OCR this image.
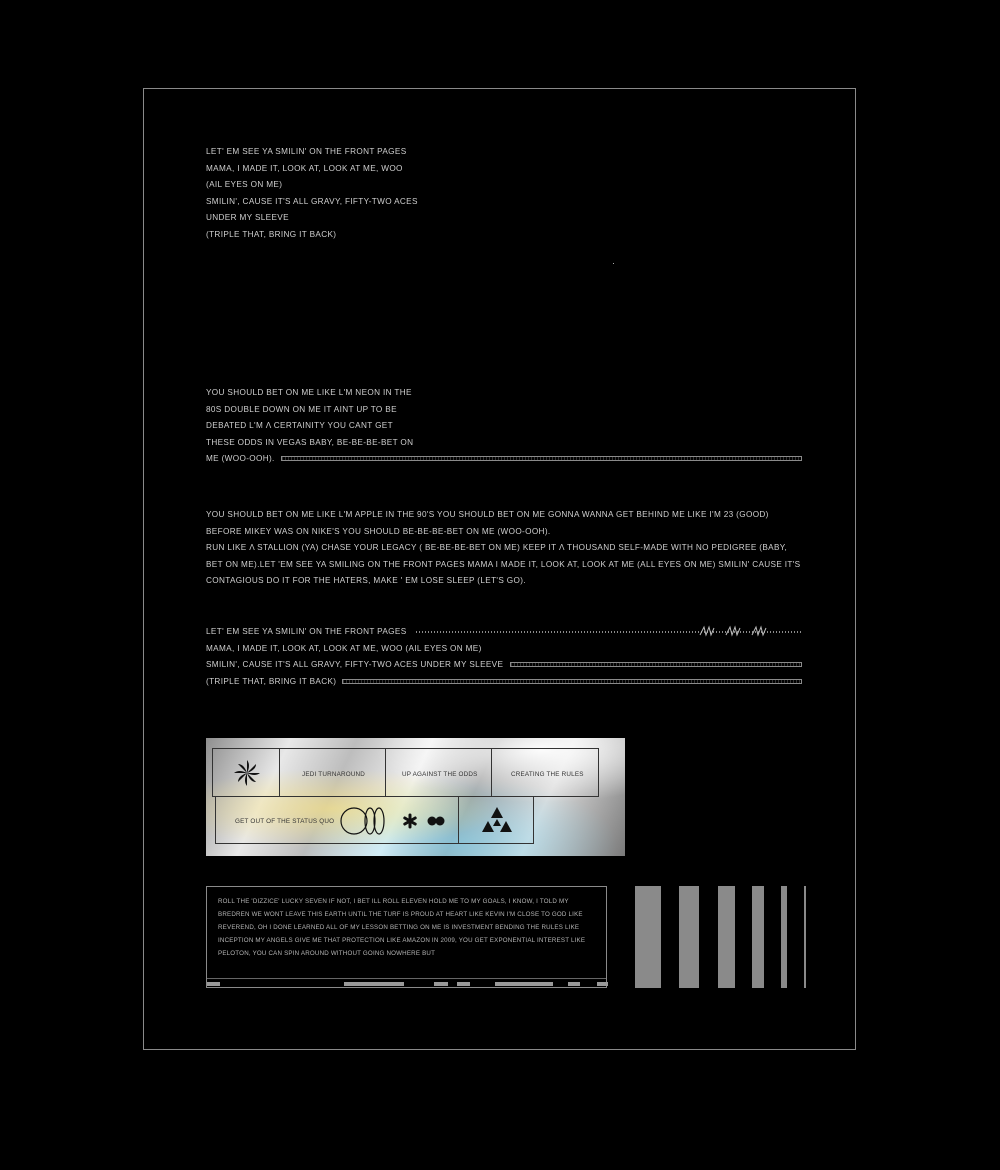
LET' EM SEE YA SMILIN' ON THE FRONT PAGES
MAMA, I MADE IT, LOOK AT, LOOK AT ME, WOO
(AIL EYES ON ME)
SMILIN', CAUSE IT'S ALL GRAVY, FIFTY-TWO ACES
UNDER MY SLEEVE
(TRIPLE THAT, BRING IT BACK)
YOU SHOULD BET ON ME LIKE L'M NEON IN THE
80S DOUBLE DOWN ON ME IT AINT UP TO BE
DEBATED L'M Λ CERTAINITY YOU CANT GET
THESE ODDS IN VEGAS BABY, BE-BE-BE-BET ON
ME (WOO-OOH).
YOU SHOULD BET ON ME LIKE L'M APPLE IN THE 90'S YOU SHOULD BET ON ME GONNA WANNA GET BEHIND ME LIKE I'M 23 (GOOD)
BEFORE MIKEY WAS ON NIKE'S YOU SHOULD BE-BE-BE-BET ON ME (WOO-OOH).
RUN LIKE Λ STALLION (YA) CHASE YOUR LEGACY ( BE-BE-BE-BET ON ME) KEEP IT Λ THOUSAND SELF-MADE WITH NO PEDIGREE (BABY,
BET ON ME).LET 'EM SEE YA SMILING ON THE FRONT PAGES MAMA I MADE IT, LOOK AT, LOOK AT ME (ALL EYES ON ME) SMILIN' CAUSE IT'S
CONTAGIOUS DO IT FOR THE HATERS, MAKE ' EM LOSE SLEEP (LET'S GO).
LET' EM SEE YA SMILIN' ON THE FRONT PAGES
MAMA, I MADE IT, LOOK AT, LOOK AT ME, WOO (AIL EYES ON ME)
SMILIN', CAUSE IT'S ALL GRAVY, FIFTY-TWO ACES UNDER MY SLEEVE
(TRIPLE THAT, BRING IT BACK)
JEDI TURNAROUND	UP AGAINST THE ODDS	CREATING THE RULES
GET OUT OF THE STATUS QUO
ROLL THE 'DIZZICE' LUCKY SEVEN IF NOT, I BET ILL ROLL ELEVEN HOLD ME TO MY GOALS, I KNOW, I TOLD MY BREDREN WE WONT LEAVE THIS EARTH UNTIL THE TURF IS PROUD AT HEART LIKE KEVIN I'M CLOSE TO GOD LIKE REVEREND, OH I DONE LEARNED ALL OF MY LESSON BETTING ON ME IS INVESTMENT BENDING THE RULES LIKE INCEPTION MY ANGELS GIVE ME THAT PROTECTION LIKE AMAZON IN 2009, YOU GET EXPONENTIAL INTEREST LIKE PELOTON, YOU CAN SPIN AROUND WITHOUT GOING NOWHERE BUT
